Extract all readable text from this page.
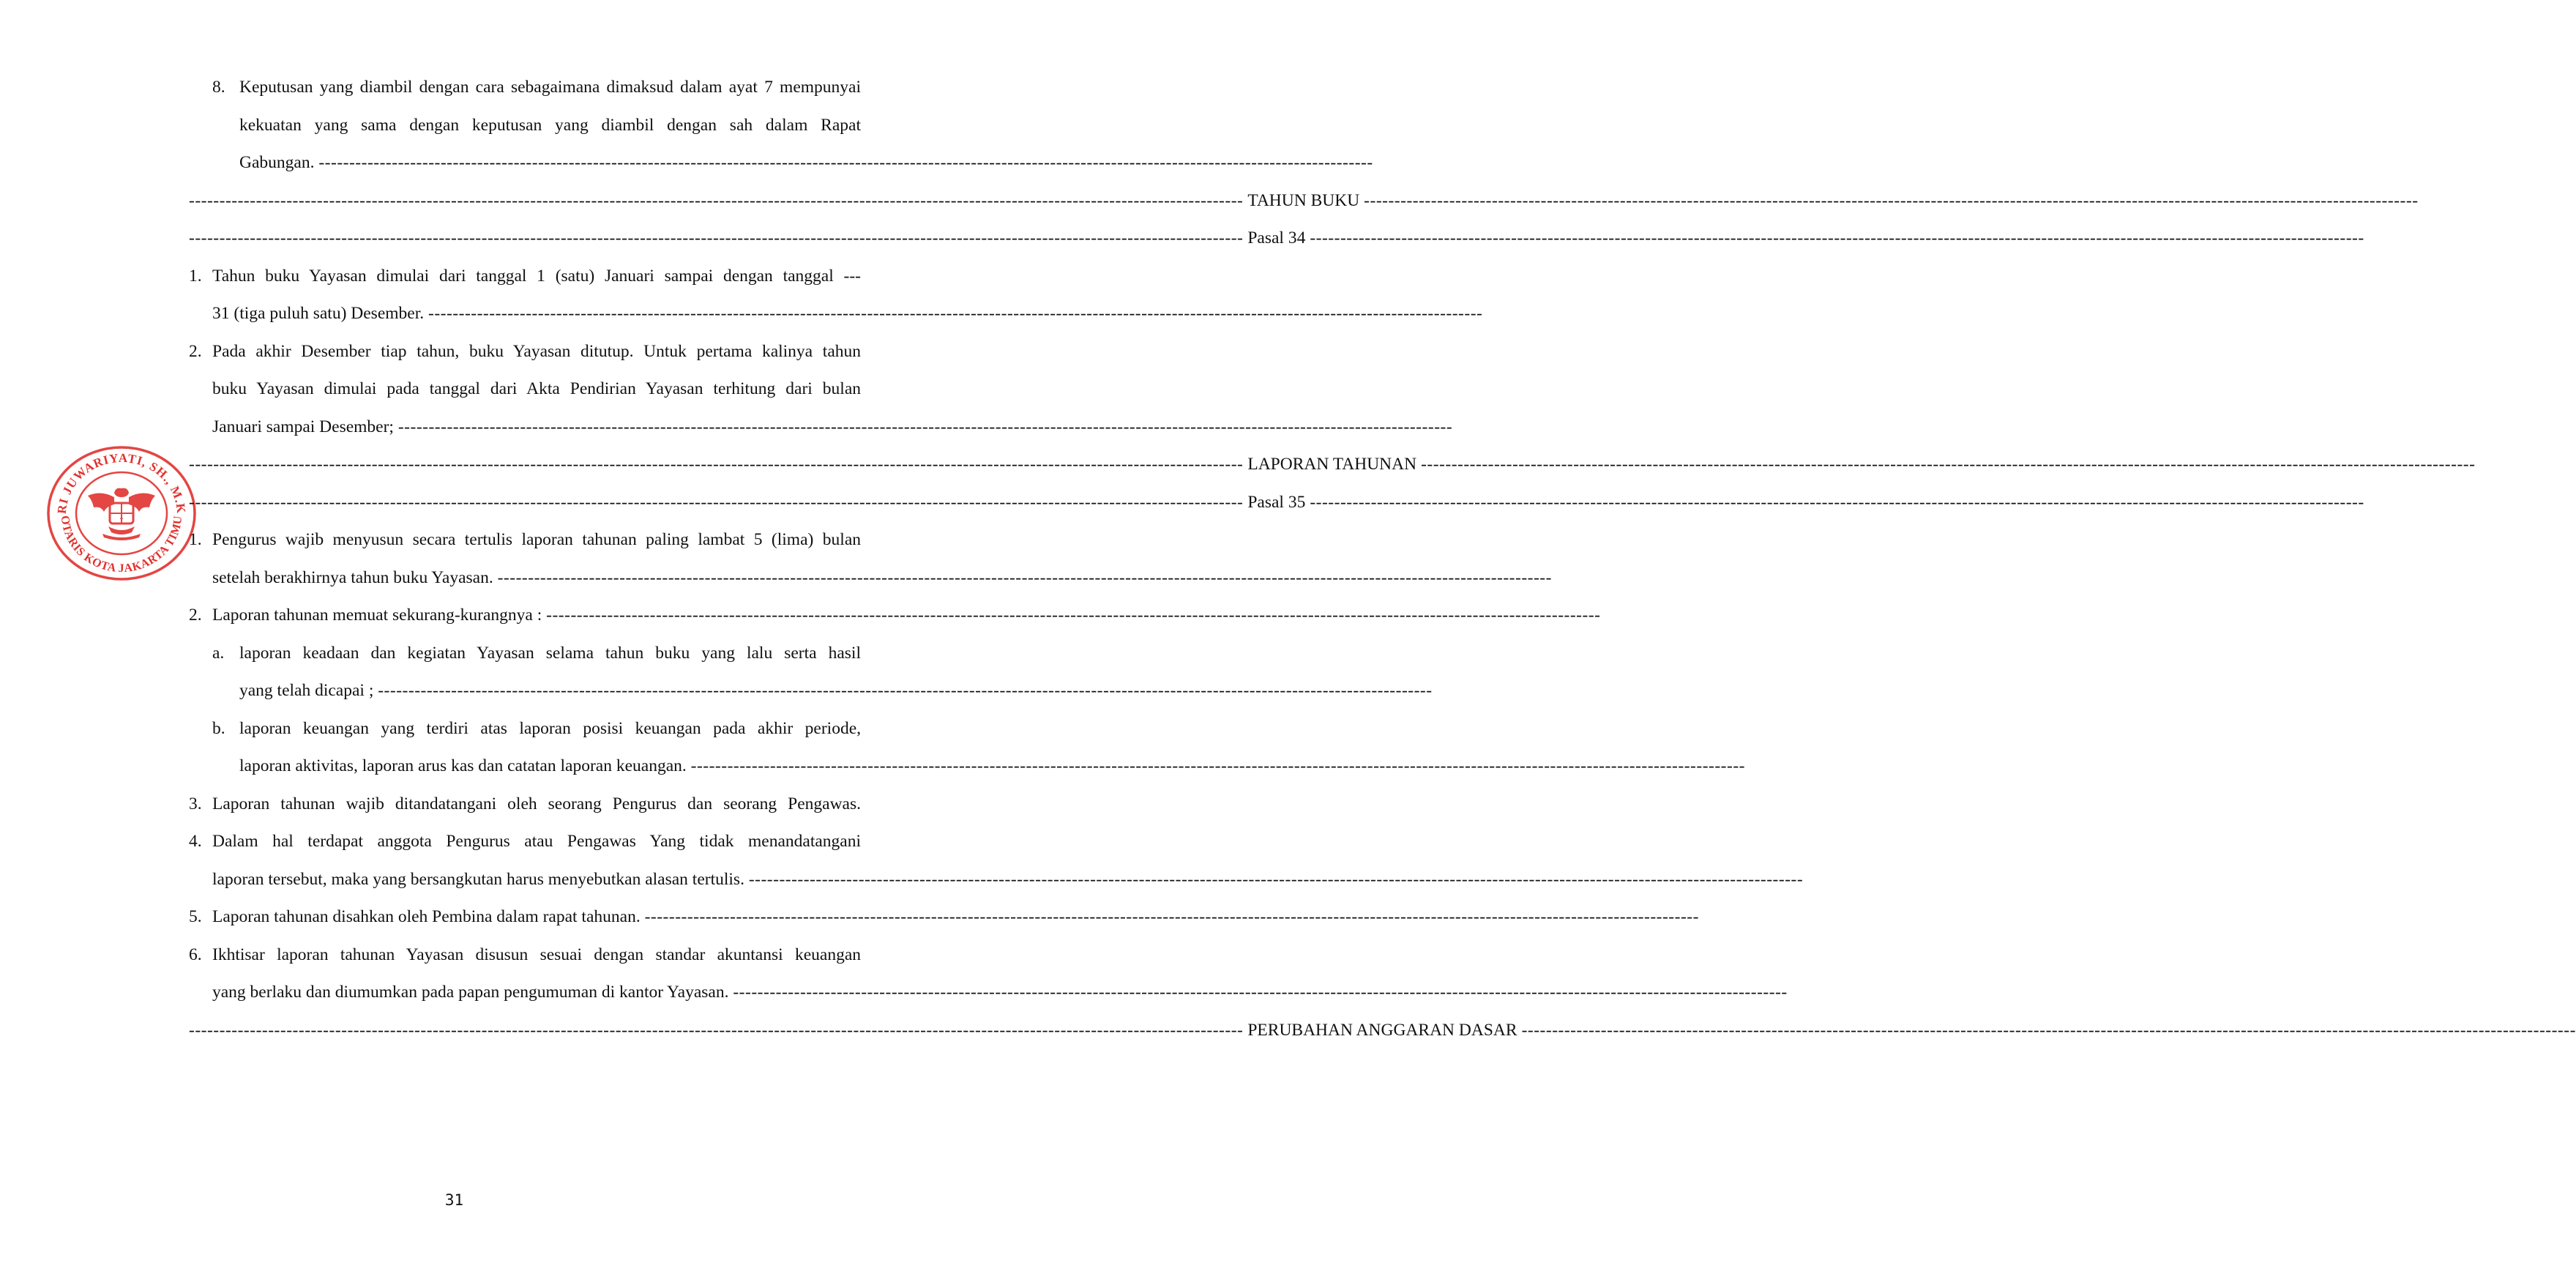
RI JUWARIYATI, SH., M.K
OTARIS KOTA JAKARTA TIMU
8. Keputusan yang diambil dengan cara sebagaimana dimaksud dalam ayat 7 mempunyai
kekuatan yang sama dengan keputusan yang diambil dengan sah dalam Rapat
Gabungan. -----------------------------------------------------------------------------------------------------------------------------------------------------------------------------
----------------------------------------------------------------------------------------------------------------------------------------------------------------------------- TAHUN BUKU -----------------------------------------------------------------------------------------------------------------------------------------------------------------------------
----------------------------------------------------------------------------------------------------------------------------------------------------------------------------- Pasal 34 -----------------------------------------------------------------------------------------------------------------------------------------------------------------------------
1. Tahun buku Yayasan dimulai dari tanggal 1 (satu) Januari sampai dengan tanggal ---
31 (tiga puluh satu) Desember. -----------------------------------------------------------------------------------------------------------------------------------------------------------------------------
2. Pada akhir Desember tiap tahun, buku Yayasan ditutup. Untuk pertama kalinya tahun
buku Yayasan dimulai pada tanggal dari Akta Pendirian Yayasan terhitung dari bulan
Januari sampai Desember; -----------------------------------------------------------------------------------------------------------------------------------------------------------------------------
----------------------------------------------------------------------------------------------------------------------------------------------------------------------------- LAPORAN TAHUNAN -----------------------------------------------------------------------------------------------------------------------------------------------------------------------------
----------------------------------------------------------------------------------------------------------------------------------------------------------------------------- Pasal 35 -----------------------------------------------------------------------------------------------------------------------------------------------------------------------------
1. Pengurus wajib menyusun secara tertulis laporan tahunan paling lambat 5 (lima) bulan
setelah berakhirnya tahun buku Yayasan. -----------------------------------------------------------------------------------------------------------------------------------------------------------------------------
2. Laporan tahunan memuat sekurang-kurangnya : -----------------------------------------------------------------------------------------------------------------------------------------------------------------------------
a. laporan keadaan dan kegiatan Yayasan selama tahun buku yang lalu serta hasil
yang telah dicapai ; -----------------------------------------------------------------------------------------------------------------------------------------------------------------------------
b. laporan keuangan yang terdiri atas laporan posisi keuangan pada akhir periode,
laporan aktivitas, laporan arus kas dan catatan laporan keuangan. -----------------------------------------------------------------------------------------------------------------------------------------------------------------------------
3. Laporan tahunan wajib ditandatangani oleh seorang Pengurus dan seorang Pengawas.
4. Dalam hal terdapat anggota Pengurus atau Pengawas Yang tidak menandatangani
laporan tersebut, maka yang bersangkutan harus menyebutkan alasan tertulis. -----------------------------------------------------------------------------------------------------------------------------------------------------------------------------
5. Laporan tahunan disahkan oleh Pembina dalam rapat tahunan. -----------------------------------------------------------------------------------------------------------------------------------------------------------------------------
6. Ikhtisar laporan tahunan Yayasan disusun sesuai dengan standar akuntansi keuangan
yang berlaku dan diumumkan pada papan pengumuman di kantor Yayasan. -----------------------------------------------------------------------------------------------------------------------------------------------------------------------------
----------------------------------------------------------------------------------------------------------------------------------------------------------------------------- PERUBAHAN ANGGARAN DASAR -----------------------------------------------------------------------------------------------------------------------------------------------------------------------------
31
